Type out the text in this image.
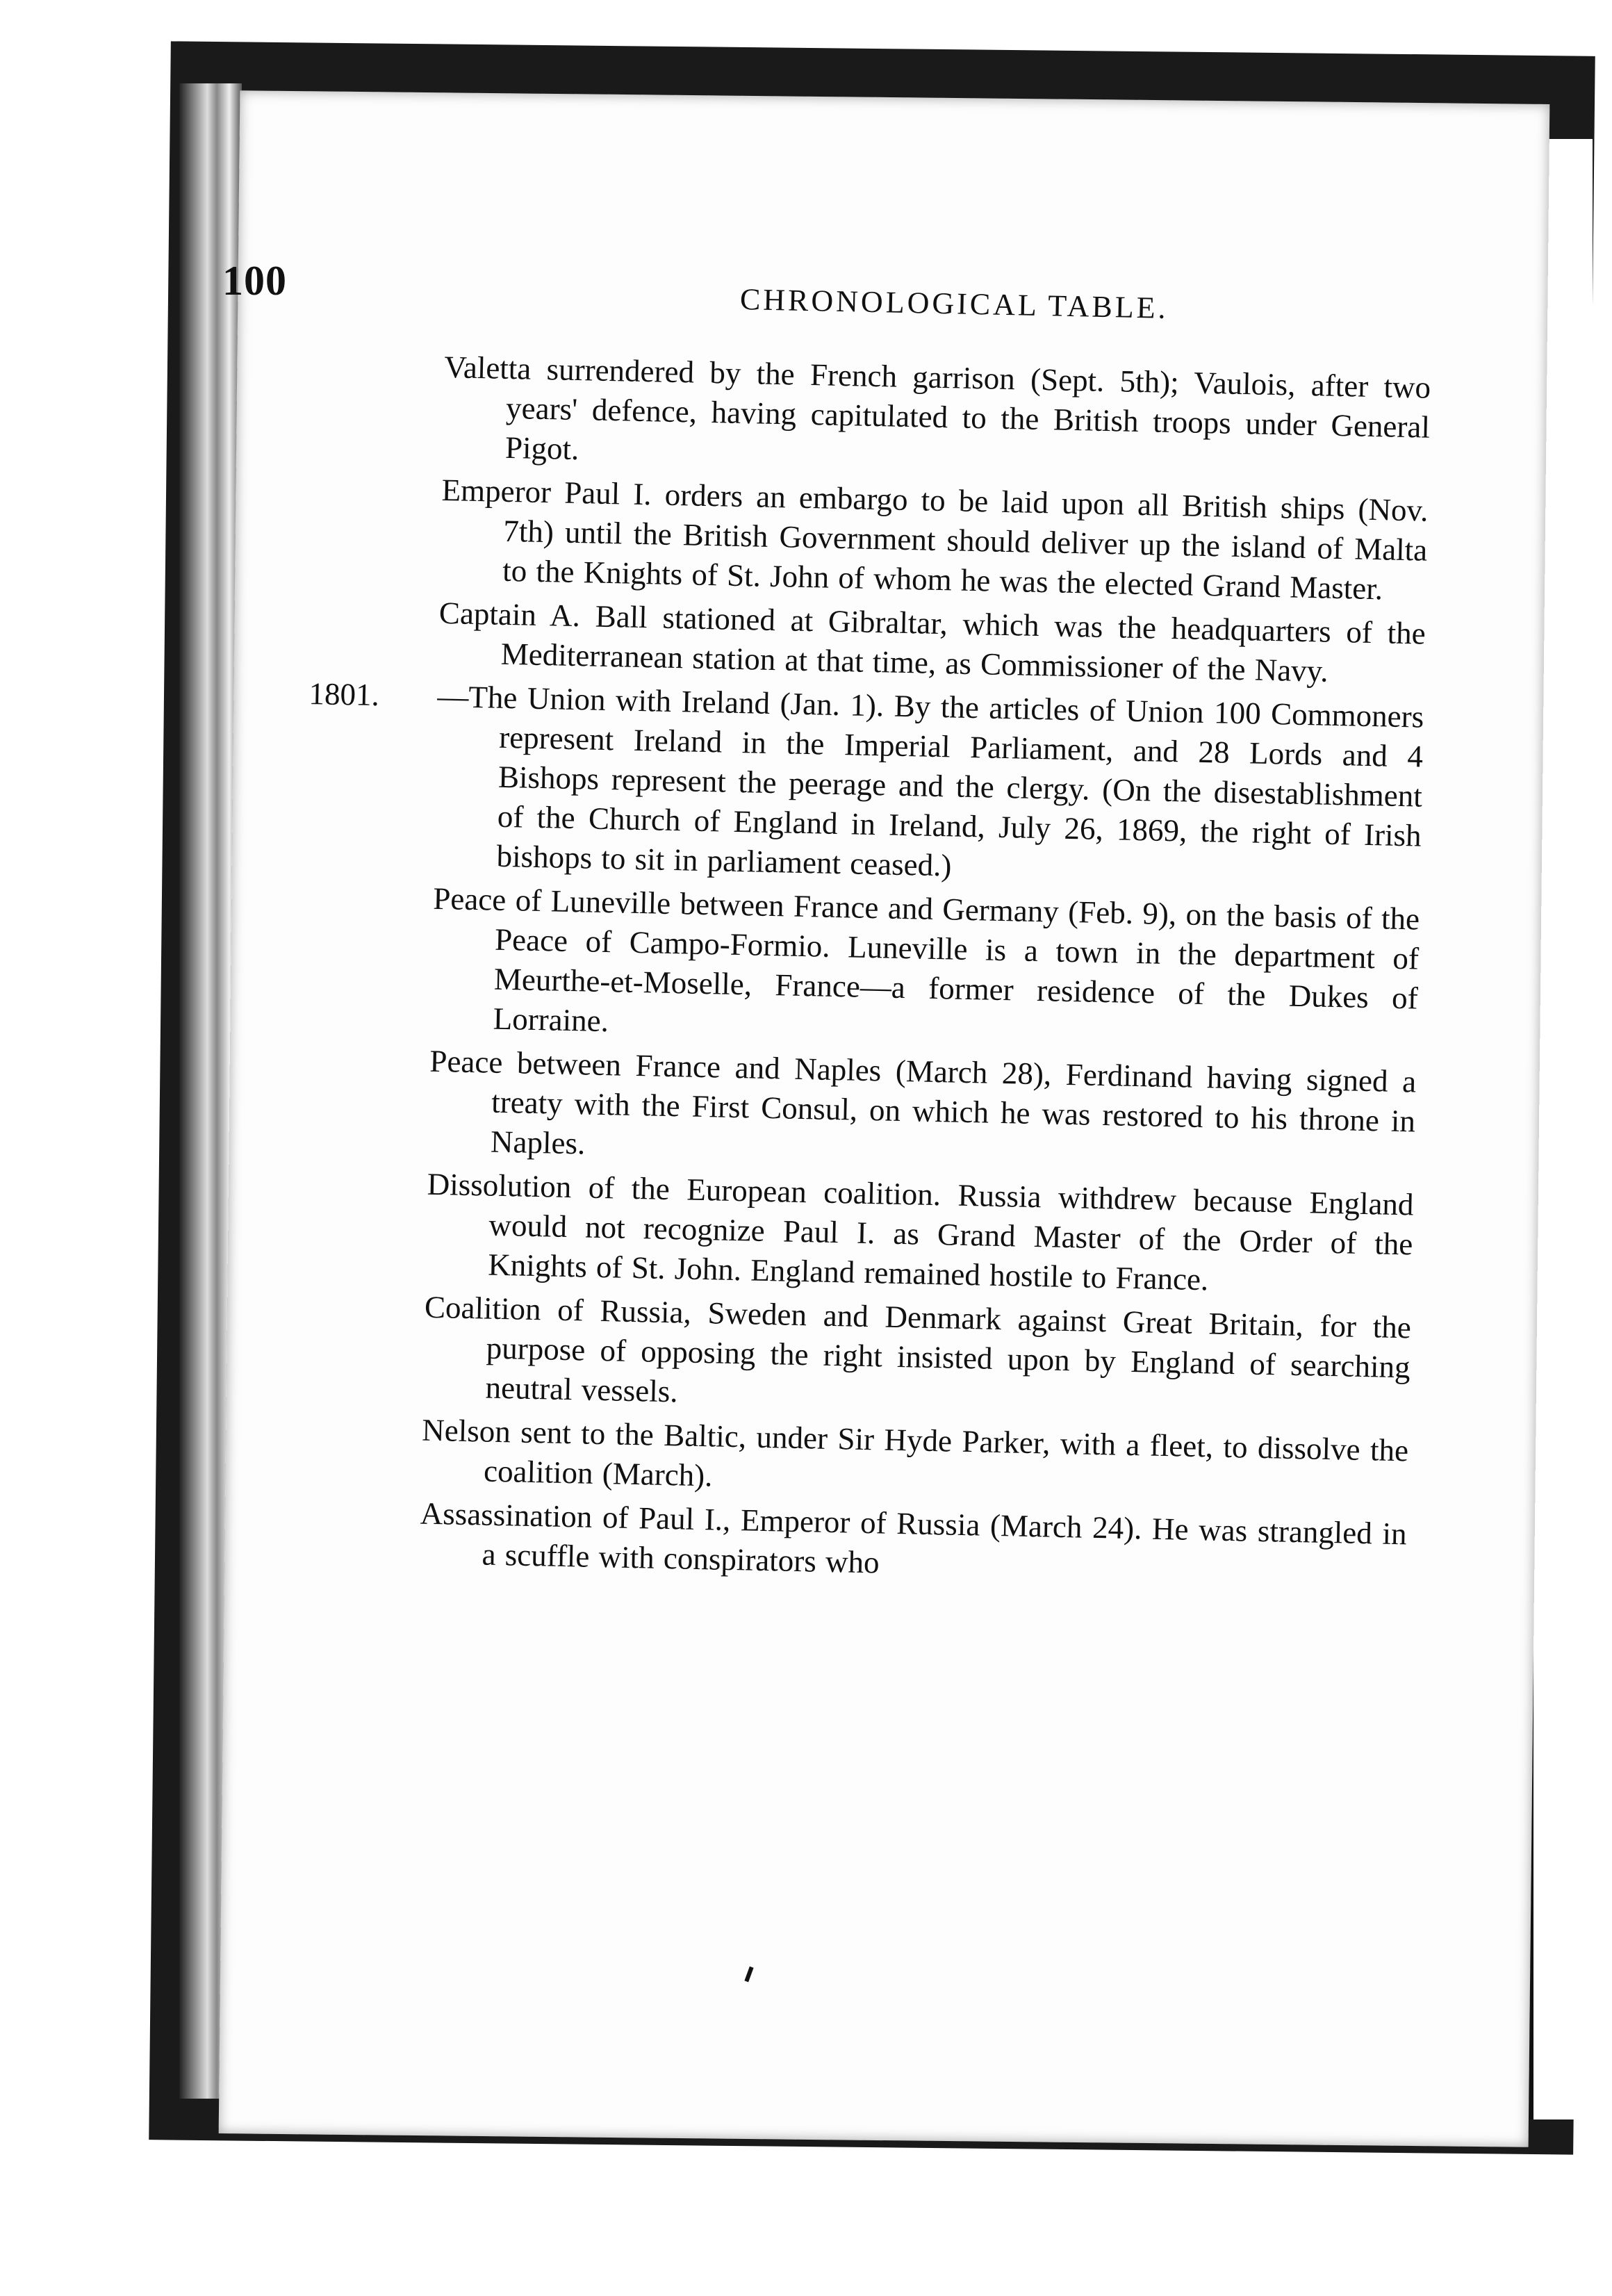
100	CHRONOLOGICAL TABLE.
Valetta surrendered by the French garrison (Sept. 5th); Vaulois, after two years' defence, having capitulated to the British troops under General Pigot.
Emperor Paul I. orders an embargo to be laid upon all British ships (Nov. 7th) until the British Government should deliver up the island of Malta to the Knights of St. John of whom he was the elected Grand Master.
Captain A. Ball stationed at Gibraltar, which was the headquarters of the Mediterranean station at that time, as Commissioner of the Navy.
1801. —The Union with Ireland (Jan. 1). By the articles of Union 100 Commoners represent Ireland in the Imperial Parliament, and 28 Lords and 4 Bishops represent the peerage and the clergy. (On the disestablishment of the Church of England in Ireland, July 26, 1869, the right of Irish bishops to sit in parliament ceased.)
Peace of Luneville between France and Germany (Feb. 9), on the basis of the Peace of Campo-Formio. Luneville is a town in the department of Meurthe-et-Moselle, France—a former residence of the Dukes of Lorraine.
Peace between France and Naples (March 28), Ferdinand having signed a treaty with the First Consul, on which he was restored to his throne in Naples.
Dissolution of the European coalition. Russia withdrew because England would not recognize Paul I. as Grand Master of the Order of the Knights of St. John. England remained hostile to France.
Coalition of Russia, Sweden and Denmark against Great Britain, for the purpose of opposing the right insisted upon by England of searching neutral vessels.
Nelson sent to the Baltic, under Sir Hyde Parker, with a fleet, to dissolve the coalition (March).
Assassination of Paul I., Emperor of Russia (March 24). He was strangled in a scuffle with conspirators who
